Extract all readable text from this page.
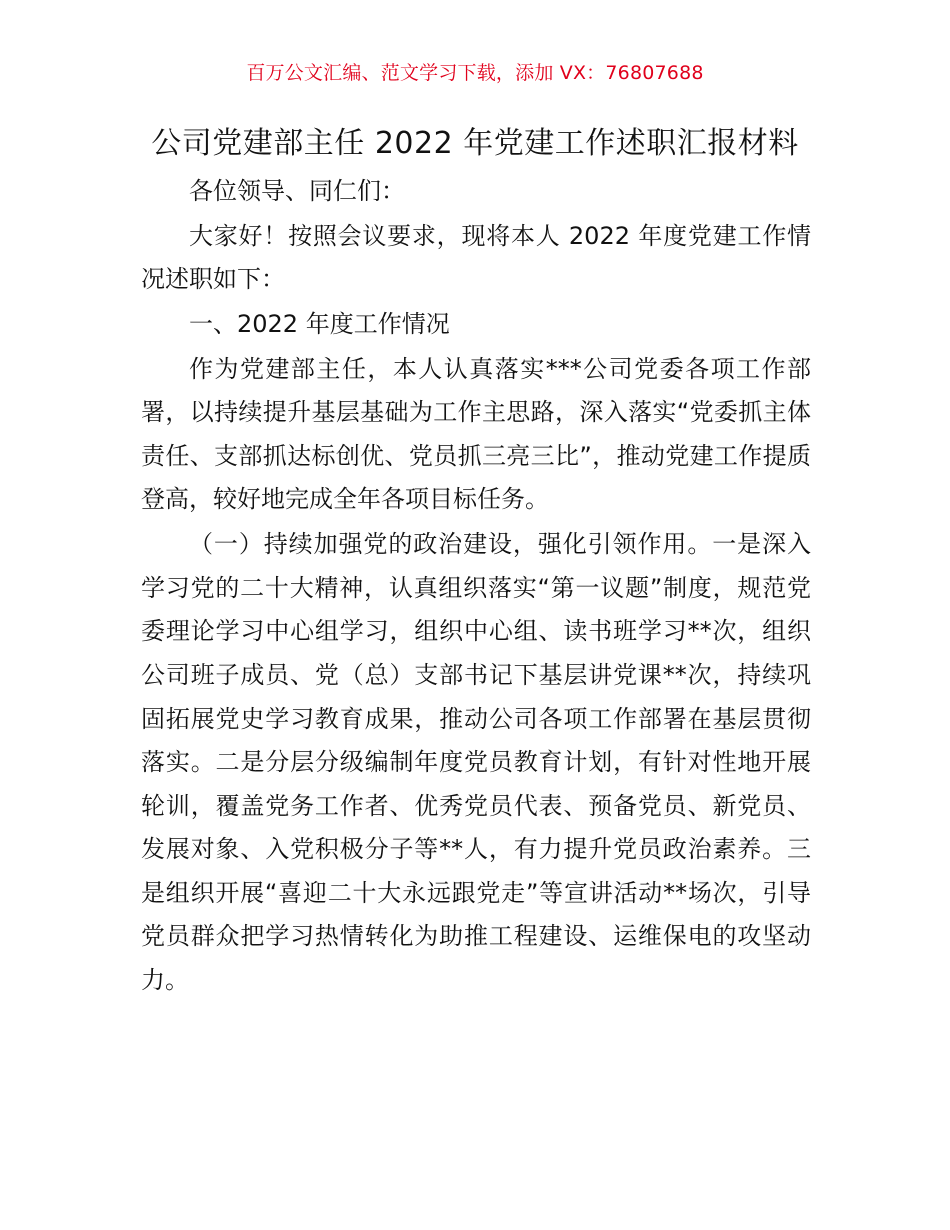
百万公文汇编、范文学习下载，添加 VX：76807688
公司党建部主任 2022 年党建工作述职汇报材料

各位领导、同仁们：

大家好！按照会议要求，现将本人 2022 年度党建工作情况述职如下：

一、2022 年度工作情况

作为党建部主任，本人认真落实***公司党委各项工作部署，以持续提升基层基础为工作主思路，深入落实“党委抓主体责任、支部抓达标创优、党员抓三亮三比”，推动党建工作提质登高，较好地完成全年各项目标任务。

（一）持续加强党的政治建设，强化引领作用。一是深入学习党的二十大精神，认真组织落实“第一议题”制度，规范党委理论学习中心组学习，组织中心组、读书班学习**次，组织公司班子成员、党（总）支部书记下基层讲党课**次，持续巩固拓展党史学习教育成果，推动公司各项工作部署在基层贯彻落实。二是分层分级编制年度党员教育计划，有针对性地开展轮训，覆盖党务工作者、优秀党员代表、预备党员、新党员、发展对象、入党积极分子等**人，有力提升党员政治素养。三是组织开展“喜迎二十大永远跟党走”等宣讲活动**场次，引导党员群众把学习热情转化为助推工程建设、运维保电的攻坚动力。
